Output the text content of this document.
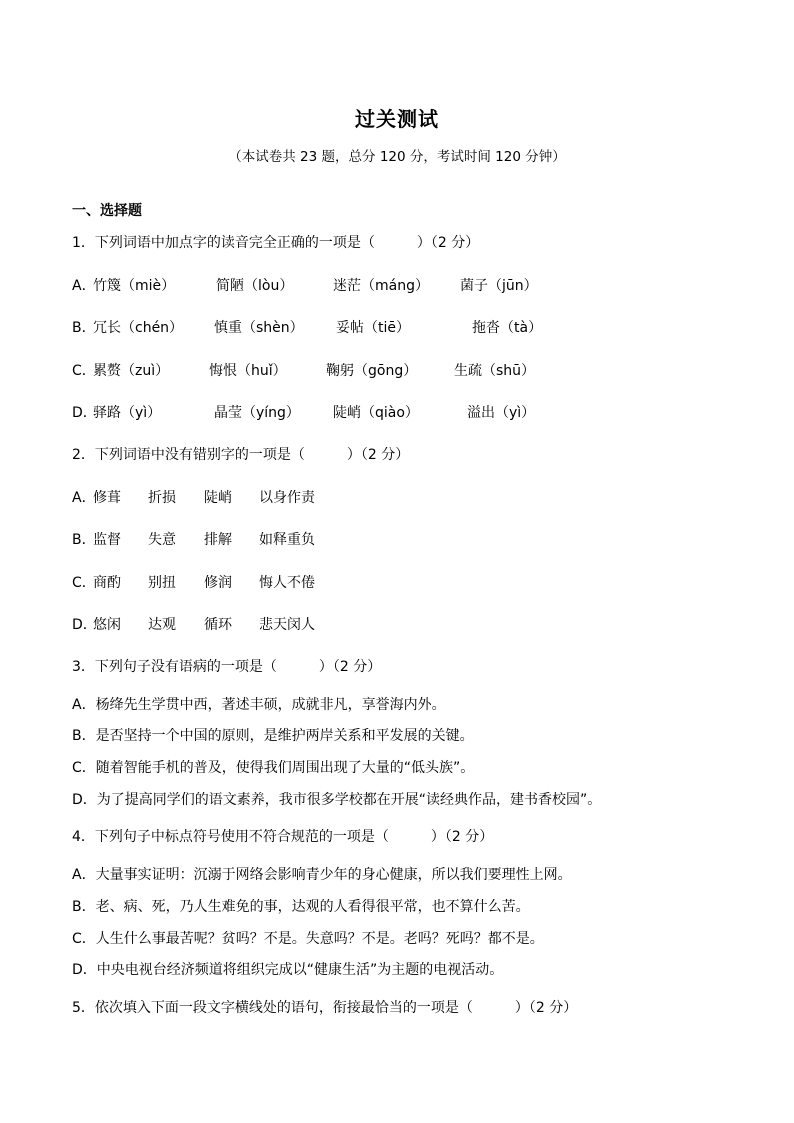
过关测试
（本试卷共 23 题，总分 120 分，考试时间 120 分钟）
一、选择题
1．下列词语中加点字的读音完全正确的一项是（　　　）（2 分）
A．
竹篾（miè）	简陋（lòu）	迷茫（máng） 菌子（jūn）
B．
冗长（chén） 慎重（shèn） 妥帖（tiē）	拖沓（tà）
C．
累赘（zuì）	悔恨（huǐ）	鞠躬（gōng）	生疏（shū）
D．
驿路（yì）	晶莹（yíng） 陡峭（qiào）	溢出（yì）
2．下列词语中没有错别字的一项是（　　　）（2 分）
A．
修葺 折损 陡峭 以身作责
B．
监督 失意 排解 如释重负
C．
商酌 别扭 修润 悔人不倦
D．
悠闲 达观 循环 悲天闵人
3．下列句子没有语病的一项是（　　　）（2 分）
A．杨绛先生学贯中西，著述丰硕，成就非凡，享誉海内外。
B．是否坚持一个中国的原则，是维护两岸关系和平发展的关键。
C．随着智能手机的普及，使得我们周围出现了大量的“低头族”。
D．为了提高同学们的语文素养，我市很多学校都在开展“读经典作品，建书香校园”。
4．下列句子中标点符号使用不符合规范的一项是（　　　）（2 分）
A．大量事实证明：沉溺于网络会影响青少年的身心健康，所以我们要理性上网。
B．老、病、死，乃人生难免的事，达观的人看得很平常，也不算什么苦。
C．人生什么事最苦呢？贫吗？不是。失意吗？不是。老吗？死吗？都不是。
D．中央电视台经济频道将组织完成以“健康生活”为主题的电视活动。
5．依次填入下面一段文字横线处的语句，衔接最恰当的一项是（　　　）（2 分）
